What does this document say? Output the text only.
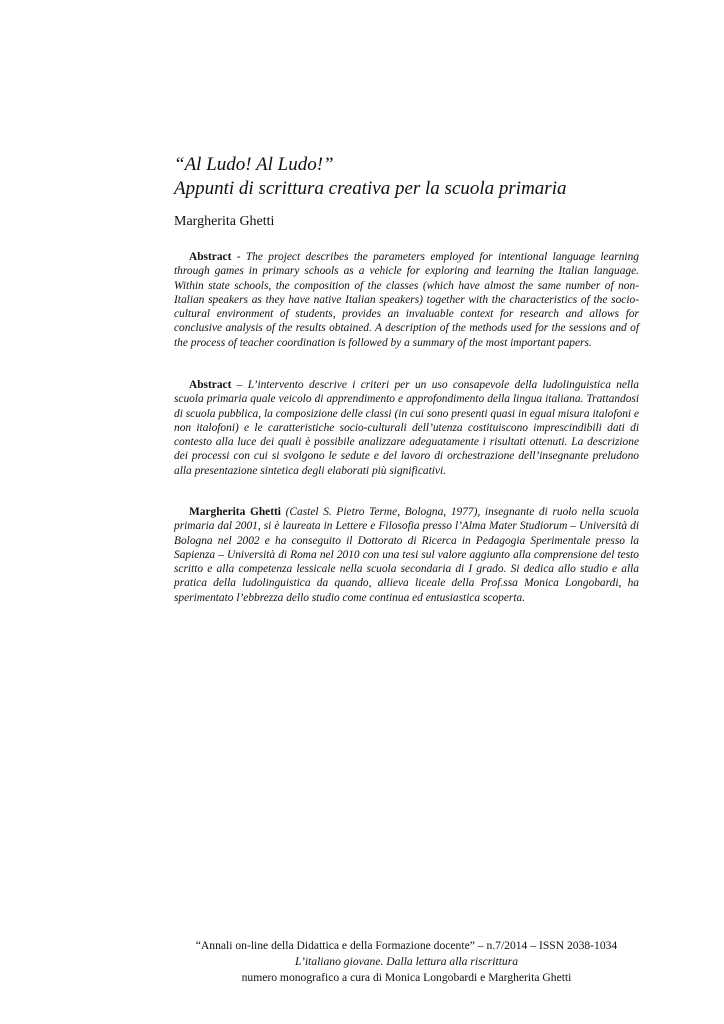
“Al Ludo! Al Ludo!”
Appunti di scrittura creativa per la scuola primaria
Margherita Ghetti
Abstract - The project describes the parameters employed for intentional language learning through games in primary schools as a vehicle for exploring and learning the Italian language. Within state schools, the composition of the classes (which have almost the same number of non-Italian speakers as they have native Italian speakers) together with the characteristics of the socio-cultural environment of students, provides an invaluable context for research and allows for conclusive analysis of the results obtained. A description of the methods used for the sessions and of the process of teacher coordination is followed by a summary of the most important papers.
Abstract – L’intervento descrive i criteri per un uso consapevole della ludolinguistica nella scuola primaria quale veicolo di apprendimento e approfondimento della lingua italiana. Trattandosi di scuola pubblica, la composizione delle classi (in cui sono presenti quasi in egual misura italofoni e non italofoni) e le caratteristiche socio-culturali dell’utenza costituiscono imprescindibili dati di contesto alla luce dei quali è possibile analizzare adeguatamente i risultati ottenuti. La descrizione dei processi con cui si svolgono le sedute e del lavoro di orchestrazione dell’insegnante preludono alla presentazione sintetica degli elaborati più significativi.
Margherita Ghetti (Castel S. Pietro Terme, Bologna, 1977), insegnante di ruolo nella scuola primaria dal 2001, si è laureata in Lettere e Filosofia presso l’Alma Mater Studiorum – Università di Bologna nel 2002 e ha conseguito il Dottorato di Ricerca in Pedagogia Sperimentale presso la Sapienza – Università di Roma nel 2010 con una tesi sul valore aggiunto alla comprensione del testo scritto e alla competenza lessicale nella scuola secondaria di I grado. Si dedica allo studio e alla pratica della ludolinguistica da quando, allieva liceale della Prof.ssa Monica Longobardi, ha sperimentato l’ebbrezza dello studio come continua ed entusiastica scoperta.
“Annali on-line della Didattica e della Formazione docente” – n.7/2014 – ISSN 2038-1034
L’italiano giovane. Dalla lettura alla riscrittura
numero monografico a cura di Monica Longobardi e Margherita Ghetti
